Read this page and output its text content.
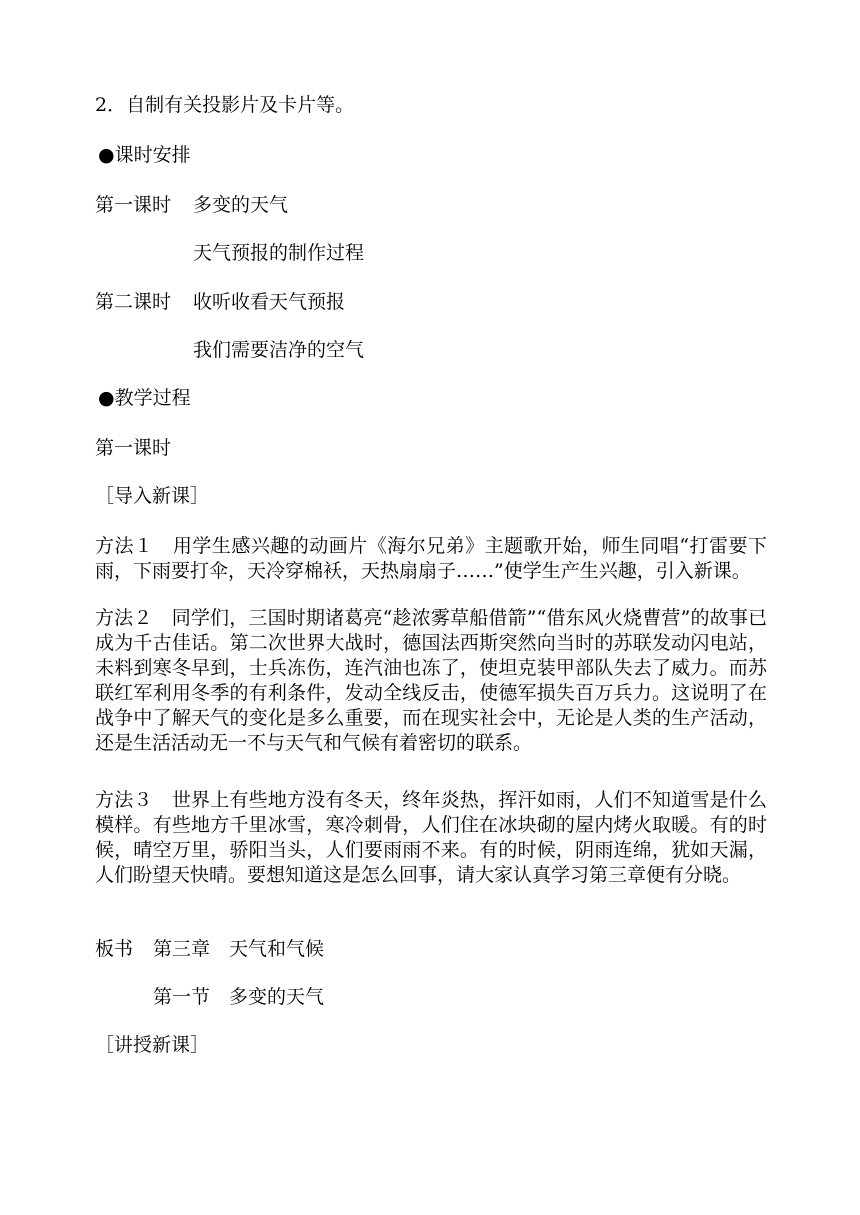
2．自制有关投影片及卡片等。
●课时安排
第一课时 多变的天气
天气预报的制作过程
第二课时 收听收看天气预报
我们需要洁净的空气
●教学过程
第一课时
［导入新课］
方法１　用学生感兴趣的动画片《海尔兄弟》主题歌开始，师生同唱“打雷要下雨，下雨要打伞，天冷穿棉袄，天热扇扇子……”使学生产生兴趣，引入新课。
方法２　同学们，三国时期诸葛亮“趁浓雾草船借箭”“借东风火烧曹营”的故事已成为千古佳话。第二次世界大战时，德国法西斯突然向当时的苏联发动闪电站，未料到寒冬早到，士兵冻伤，连汽油也冻了，使坦克装甲部队失去了威力。而苏联红军利用冬季的有利条件，发动全线反击，使德军损失百万兵力。这说明了在战争中了解天气的变化是多么重要，而在现实社会中，无论是人类的生产活动，还是生活活动无一不与天气和气候有着密切的联系。
方法３　世界上有些地方没有冬天，终年炎热，挥汗如雨，人们不知道雪是什么模样。有些地方千里冰雪，寒冷刺骨，人们住在冰块砌的屋内烤火取暖。有的时候，晴空万里，骄阳当头，人们要雨雨不来。有的时候，阴雨连绵，犹如天漏，人们盼望天快晴。要想知道这是怎么回事，请大家认真学习第三章便有分晓。
板书 第三章　天气和气候
第一节　多变的天气
［讲授新课］
